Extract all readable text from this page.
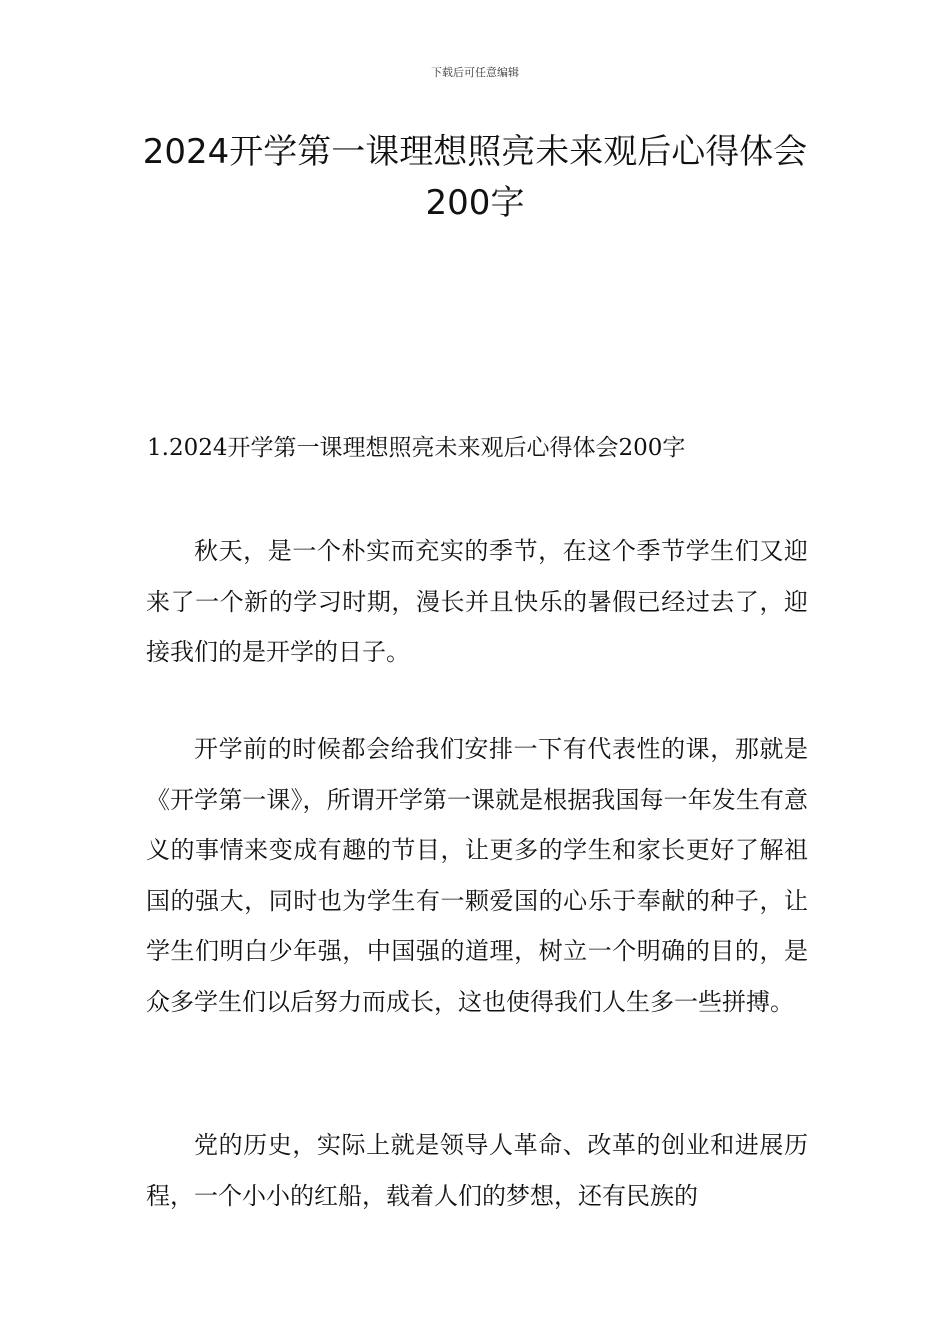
下载后可任意编辑
2024开学第一课理想照亮未来观后心得体会200字

1.2024开学第一课理想照亮未来观后心得体会200字

秋天，是一个朴实而充实的季节，在这个季节学生们又迎来了一个新的学习时期，漫长并且快乐的暑假已经过去了，迎接我们的是开学的日子。

开学前的时候都会给我们安排一下有代表性的课，那就是《开学第一课》，所谓开学第一课就是根据我国每一年发生有意义的事情来变成有趣的节目，让更多的学生和家长更好了解祖国的强大，同时也为学生有一颗爱国的心乐于奉献的种子，让学生们明白少年强，中国强的道理，树立一个明确的目的，是众多学生们以后努力而成长，这也使得我们人生多一些拼搏。

党的历史，实际上就是领导人革命、改革的创业和进展历程，一个小小的红船，载着人们的梦想，还有民族的
